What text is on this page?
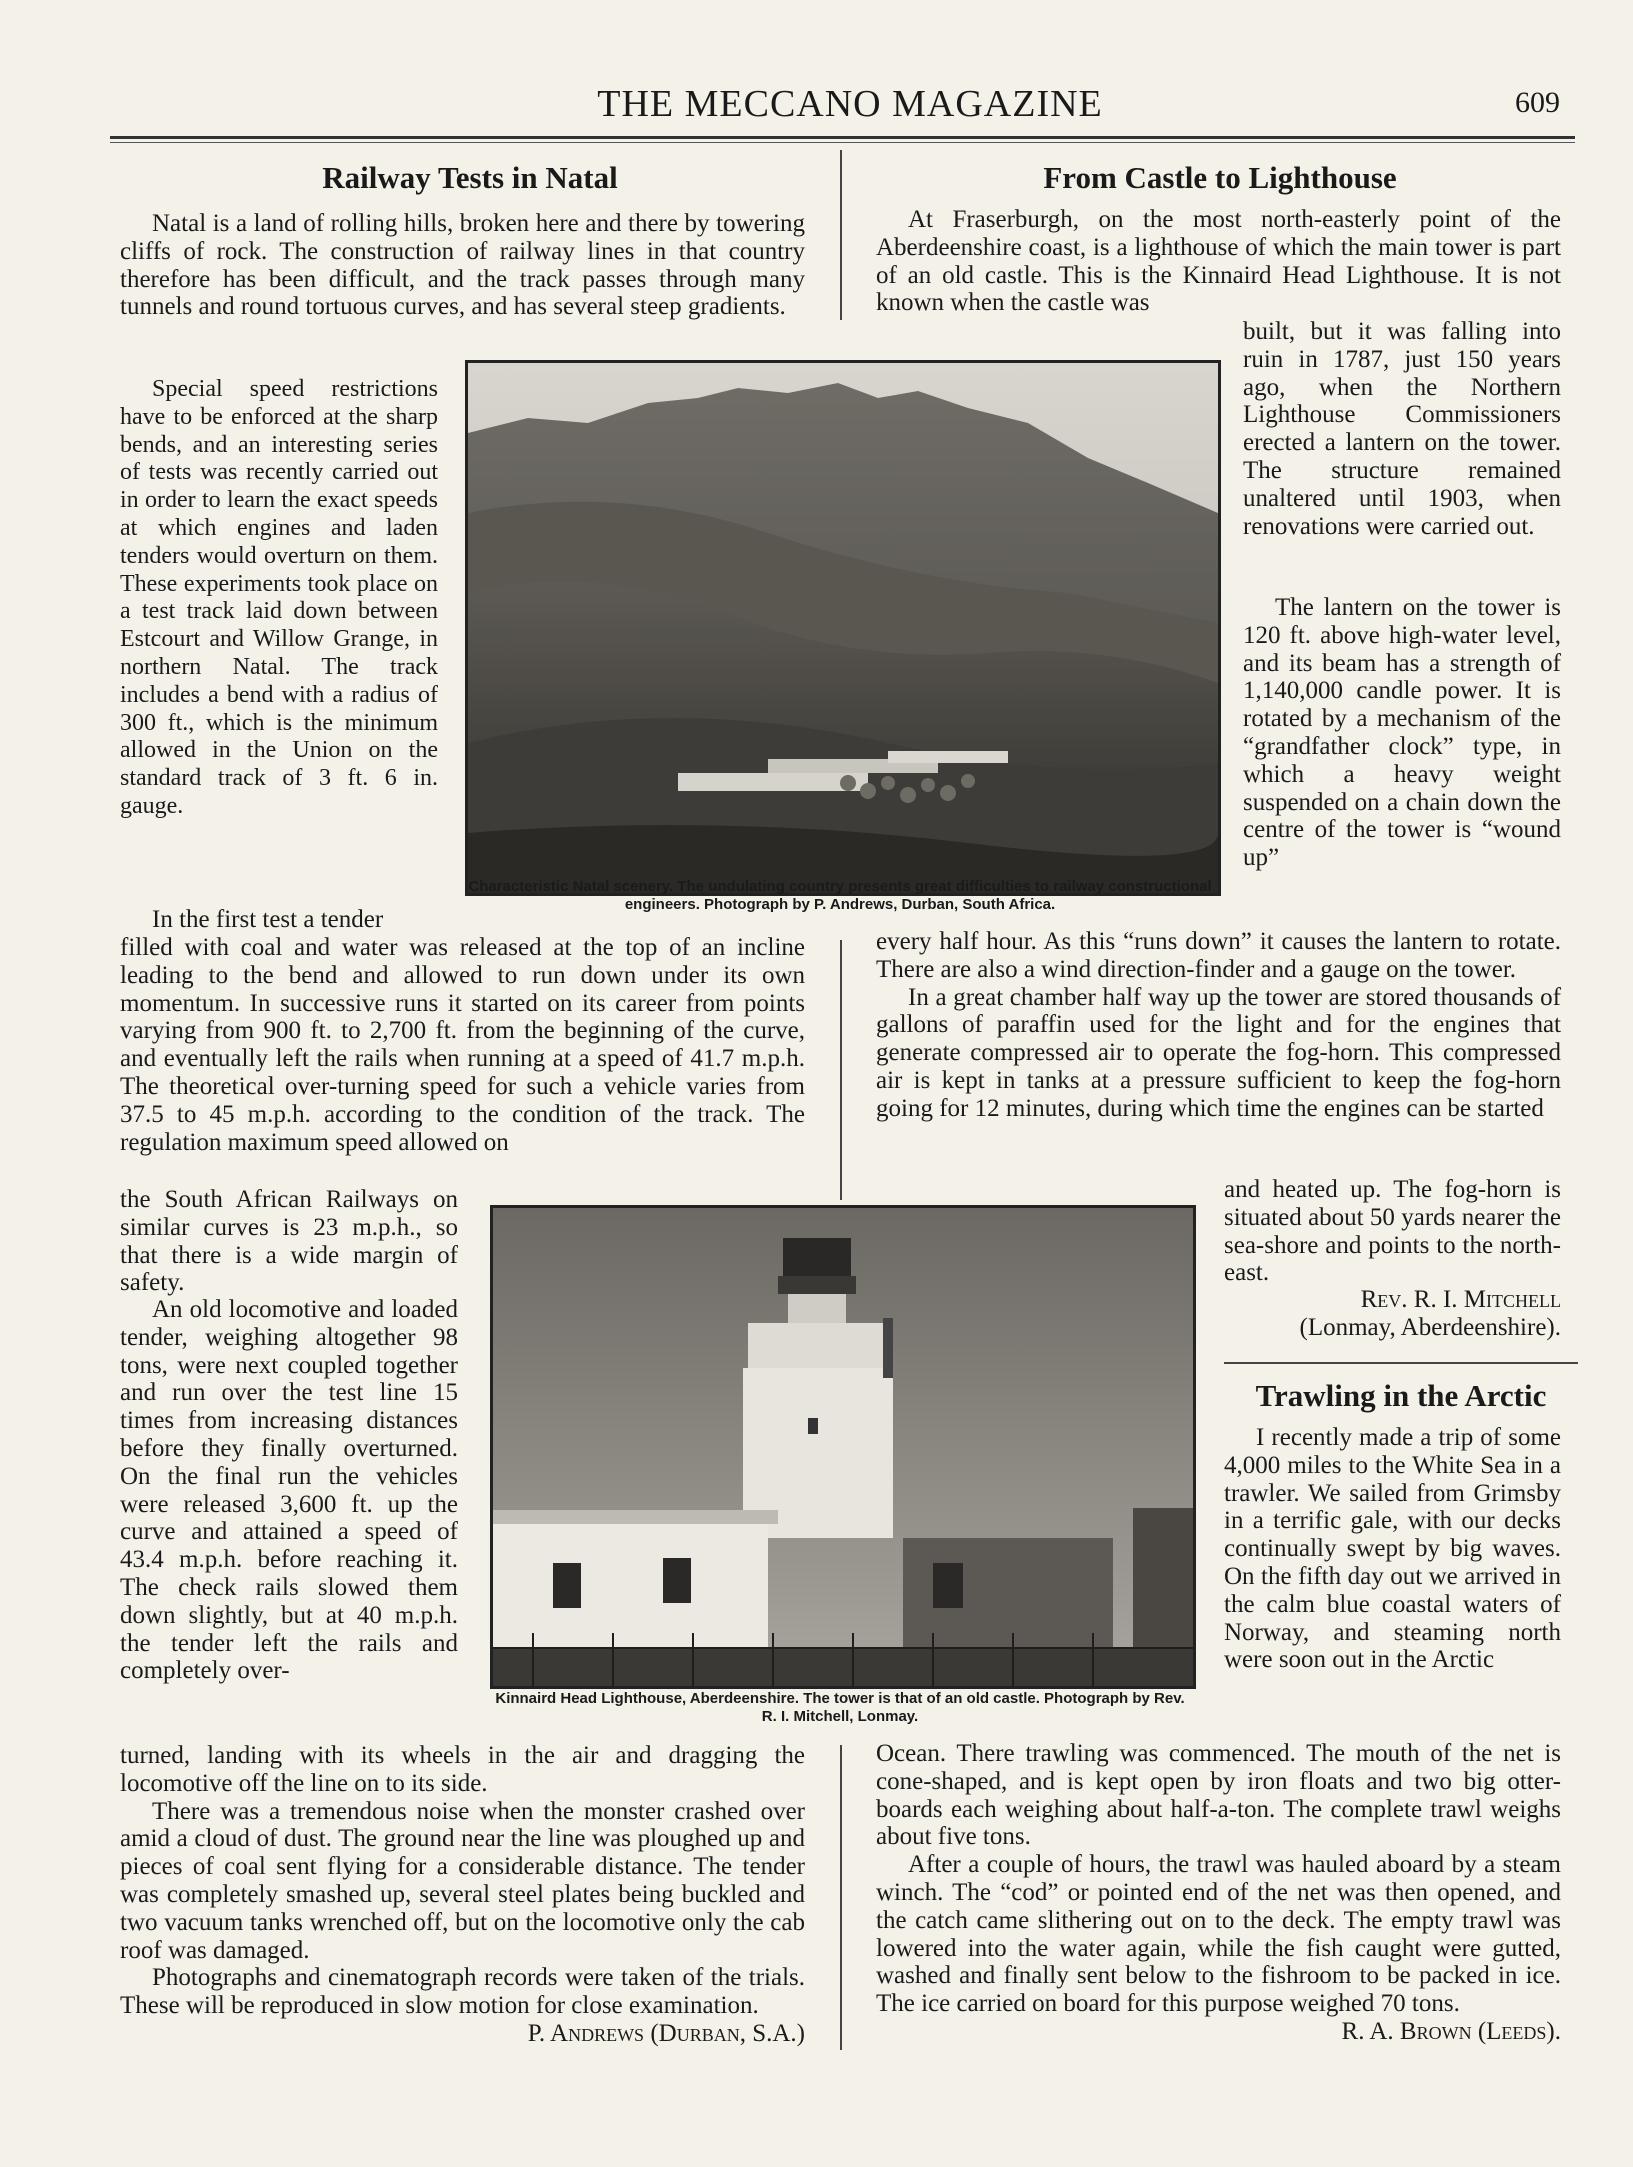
THE MECCANO MAGAZINE	609
Railway Tests in Natal

Natal is a land of rolling hills, broken here and there by towering cliffs of rock. The construction of railway lines in that country therefore has been difficult, and the track passes through many tunnels and round tortuous curves, and has several steep gradients.

Special speed restrictions have to be enforced at the sharp bends, and an interesting series of tests was recently carried out in order to learn the exact speeds at which engines and laden tenders would overturn on them. These experiments took place on a test track laid down between Estcourt and Willow Grange, in northern Natal. The track includes a bend with a radius of 300 ft., which is the minimum allowed in the Union on the standard track of 3 ft. 6 in. gauge.

In the first test a tender

Characteristic Natal scenery. The undulating country presents great difficulties to railway constructional engineers. Photograph by P. Andrews, Durban, South Africa.

filled with coal and water was released at the top of an incline leading to the bend and allowed to run down under its own momentum. In successive runs it started on its career from points varying from 900 ft. to 2,700 ft. from the beginning of the curve, and eventually left the rails when running at a speed of 41.7 m.p.h. The theoretical over-turning speed for such a vehicle varies from 37.5 to 45 m.p.h. according to the condition of the track. The regulation maximum speed allowed on

the South African Railways on similar curves is 23 m.p.h., so that there is a wide margin of safety.

An old locomotive and loaded tender, weighing altogether 98 tons, were next coupled together and run over the test line 15 times from increasing distances before they finally overturned. On the final run the vehicles were released 3,600 ft. up the curve and attained a speed of 43.4 m.p.h. before reaching it. The check rails slowed them down slightly, but at 40 m.p.h. the tender left the rails and completely over-

Kinnaird Head Lighthouse, Aberdeenshire. The tower is that of an old castle. Photograph by Rev. R. I. Mitchell, Lonmay.

turned, landing with its wheels in the air and dragging the locomotive off the line on to its side.

There was a tremendous noise when the monster crashed over amid a cloud of dust. The ground near the line was ploughed up and pieces of coal sent flying for a considerable distance. The tender was completely smashed up, several steel plates being buckled and two vacuum tanks wrenched off, but on the locomotive only the cab roof was damaged.

Photographs and cinematograph records were taken of the trials. These will be reproduced in slow motion for close examination.

P. Andrews (Durban, S.A.)

From Castle to Lighthouse

At Fraserburgh, on the most north-easterly point of the Aberdeenshire coast, is a lighthouse of which the main tower is part of an old castle. This is the Kinnaird Head Lighthouse. It is not known when the castle was

built, but it was falling into ruin in 1787, just 150 years ago, when the Northern Lighthouse Commissioners erected a lantern on the tower. The structure remained unaltered until 1903, when renovations were carried out.

The lantern on the tower is 120 ft. above high-water level, and its beam has a strength of 1,140,000 candle power. It is rotated by a mechanism of the “grandfather clock” type, in which a heavy weight suspended on a chain down the centre of the tower is “wound up”

every half hour. As this “runs down” it causes the lantern to rotate. There are also a wind direction-finder and a gauge on the tower.

In a great chamber half way up the tower are stored thousands of gallons of paraffin used for the light and for the engines that generate compressed air to operate the fog-horn. This compressed air is kept in tanks at a pressure sufficient to keep the fog-horn going for 12 minutes, during which time the engines can be started

and heated up. The fog-horn is situated about 50 yards nearer the sea-shore and points to the north-east.

Rev. R. I. Mitchell

(Lonmay, Aberdeenshire).

Trawling in the Arctic

I recently made a trip of some 4,000 miles to the White Sea in a trawler. We sailed from Grimsby in a terrific gale, with our decks continually swept by big waves. On the fifth day out we arrived in the calm blue coastal waters of Norway, and steaming north were soon out in the Arctic

Ocean. There trawling was commenced. The mouth of the net is cone-shaped, and is kept open by iron floats and two big otter-boards each weighing about half-a-ton. The complete trawl weighs about five tons.

After a couple of hours, the trawl was hauled aboard by a steam winch. The “cod” or pointed end of the net was then opened, and the catch came slithering out on to the deck. The empty trawl was lowered into the water again, while the fish caught were gutted, washed and finally sent below to the fishroom to be packed in ice. The ice carried on board for this purpose weighed 70 tons.

R. A. Brown (Leeds).
